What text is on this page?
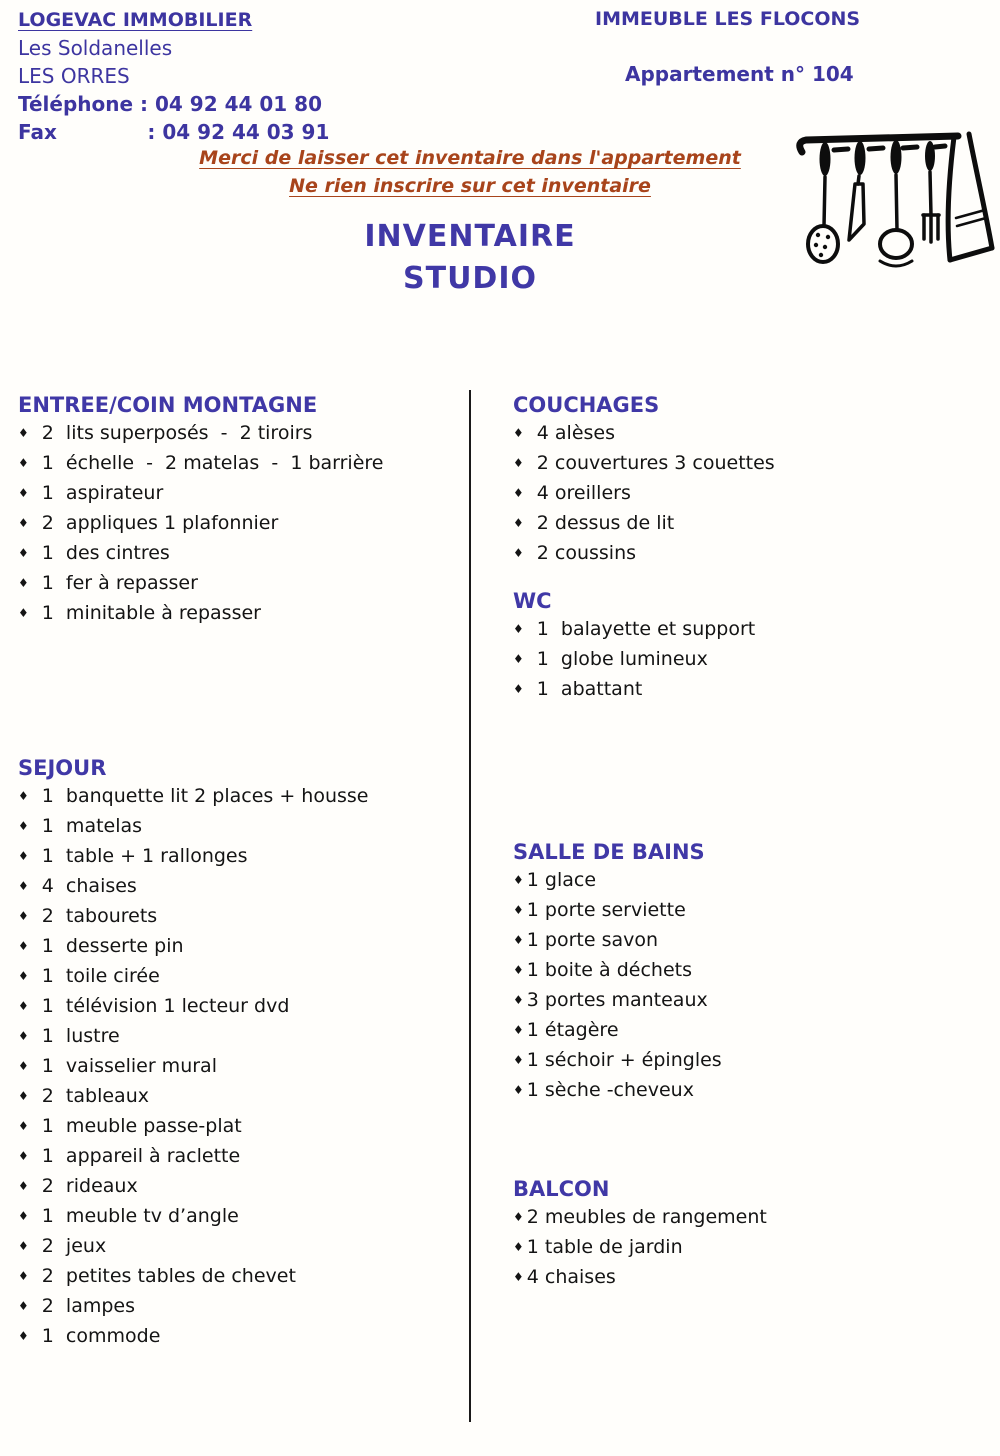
LOGEVAC IMMOBILIER
Les Soldanelles
LES ORRES
Téléphone : 04 92 44 01 80
Fax             : 04 92 44 03 91
IMMEUBLE LES FLOCONS
Appartement n° 104
Merci de laisser cet inventaire dans l'appartement
Ne rien inscrire sur cet inventaire
INVENTAIRE
STUDIO
ENTREE/COIN MONTAGNE
♦ 2  lits superposés  -  2 tiroirs
♦ 1  échelle  -  2 matelas  -  1 barrière
♦ 1  aspirateur
♦ 2  appliques 1 plafonnier
♦ 1  des cintres
♦ 1  fer à repasser
♦ 1  minitable à repasser
SEJOUR
♦ 1  banquette lit 2 places + housse
♦ 1  matelas
♦ 1  table + 1 rallonges
♦ 4  chaises
♦ 2  tabourets
♦ 1  desserte pin
♦ 1  toile cirée
♦ 1  télévision 1 lecteur dvd
♦ 1  lustre
♦ 1  vaisselier mural
♦ 2  tableaux
♦ 1  meuble passe-plat
♦ 1  appareil à raclette
♦ 2  rideaux
♦ 1  meuble tv d’angle
♦ 2  jeux
♦ 2  petites tables de chevet
♦ 2  lampes
♦ 1  commode
COUCHAGES
♦ 4 alèses
♦ 2 couvertures 3 couettes
♦ 4 oreillers
♦ 2 dessus de lit
♦ 2 coussins
WC
♦ 1  balayette et support
♦ 1  globe lumineux
♦ 1  abattant
SALLE DE BAINS
♦ 1 glace
♦ 1 porte serviette
♦ 1 porte savon
♦ 1 boite à déchets
♦ 3 portes manteaux
♦ 1 étagère
♦ 1 séchoir + épingles
♦ 1 sèche -cheveux
BALCON
♦ 2 meubles de rangement
♦ 1 table de jardin
♦ 4 chaises
